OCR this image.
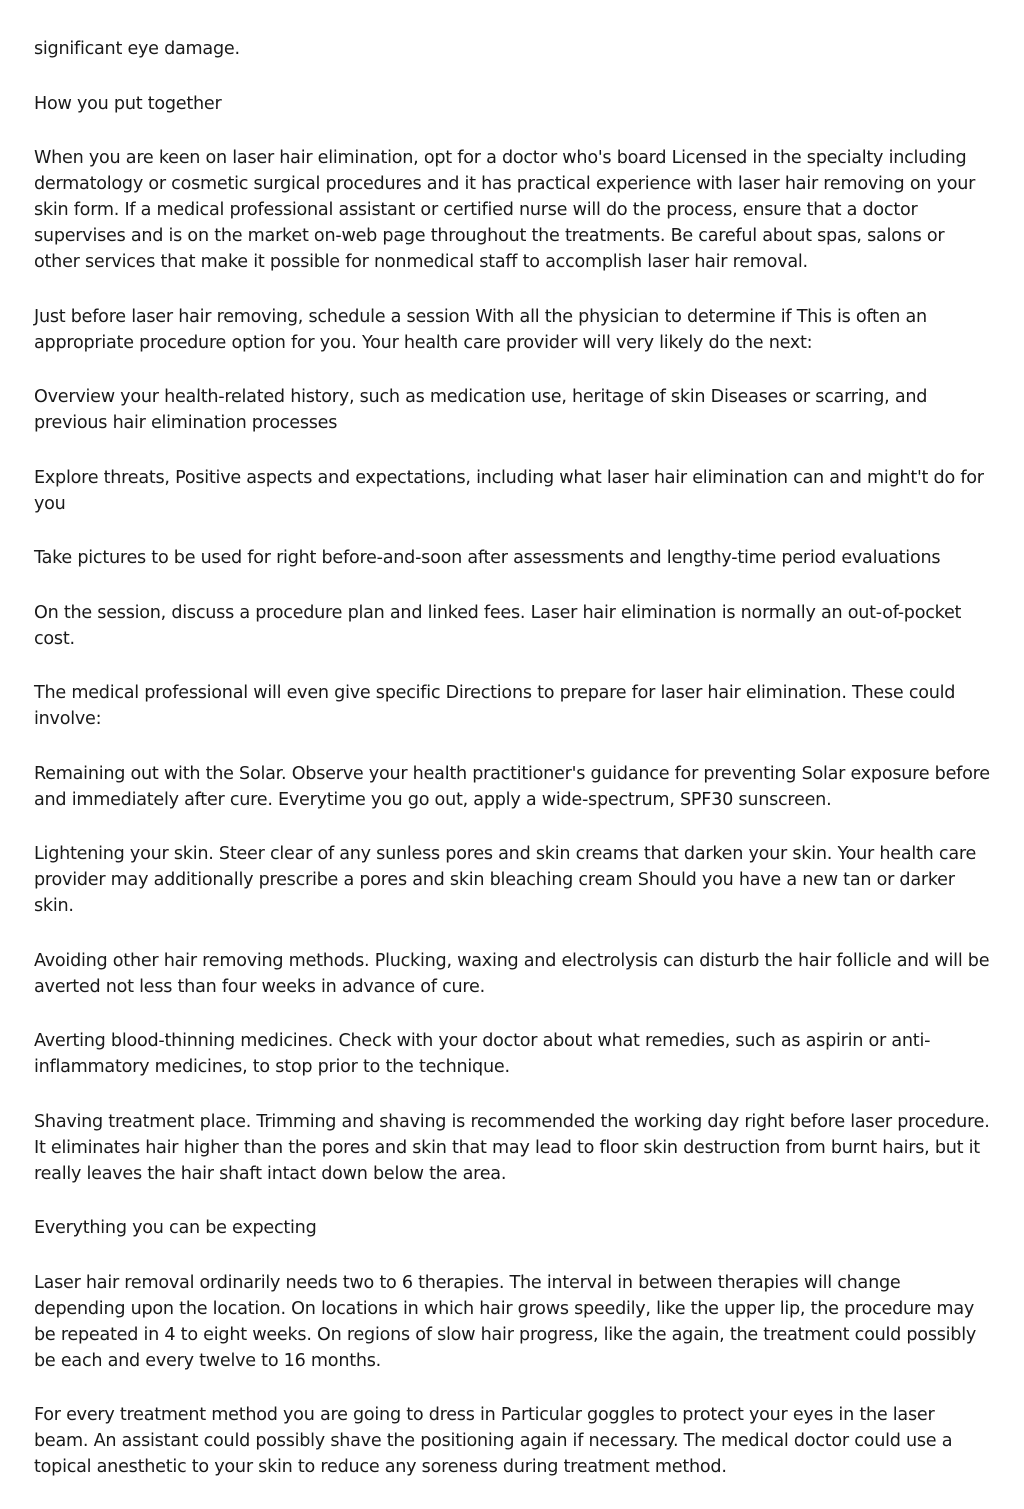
significant eye damage.

How you put together

When you are keen on laser hair elimination, opt for a doctor who's board Licensed in the specialty including dermatology or cosmetic surgical procedures and it has practical experience with laser hair removing on your skin form. If a medical professional assistant or certified nurse will do the process, ensure that a doctor supervises and is on the market on-web page throughout the treatments. Be careful about spas, salons or other services that make it possible for nonmedical staff to accomplish laser hair removal.

Just before laser hair removing, schedule a session With all the physician to determine if This is often an appropriate procedure option for you. Your health care provider will very likely do the next:

Overview your health-related history, such as medication use, heritage of skin Diseases or scarring, and previous hair elimination processes

Explore threats, Positive aspects and expectations, including what laser hair elimination can and might't do for you

Take pictures to be used for right before-and-soon after assessments and lengthy-time period evaluations

On the session, discuss a procedure plan and linked fees. Laser hair elimination is normally an out-of-pocket cost.

The medical professional will even give specific Directions to prepare for laser hair elimination. These could involve:

Remaining out with the Solar. Observe your health practitioner's guidance for preventing Solar exposure before and immediately after cure. Everytime you go out, apply a wide-spectrum, SPF30 sunscreen.

Lightening your skin. Steer clear of any sunless pores and skin creams that darken your skin. Your health care provider may additionally prescribe a pores and skin bleaching cream Should you have a new tan or darker skin.

Avoiding other hair removing methods. Plucking, waxing and electrolysis can disturb the hair follicle and will be averted not less than four weeks in advance of cure.

Averting blood-thinning medicines. Check with your doctor about what remedies, such as aspirin or anti-inflammatory medicines, to stop prior to the technique.

Shaving treatment place. Trimming and shaving is recommended the working day right before laser procedure. It eliminates hair higher than the pores and skin that may lead to floor skin destruction from burnt hairs, but it really leaves the hair shaft intact down below the area.

Everything you can be expecting

Laser hair removal ordinarily needs two to 6 therapies. The interval in between therapies will change depending upon the location. On locations in which hair grows speedily, like the upper lip, the procedure may be repeated in 4 to eight weeks. On regions of slow hair progress, like the again, the treatment could possibly be each and every twelve to 16 months.

For every treatment method you are going to dress in Particular goggles to protect your eyes in the laser beam. An assistant could possibly shave the positioning again if necessary. The medical doctor could use a topical anesthetic to your skin to reduce any soreness during treatment method.
